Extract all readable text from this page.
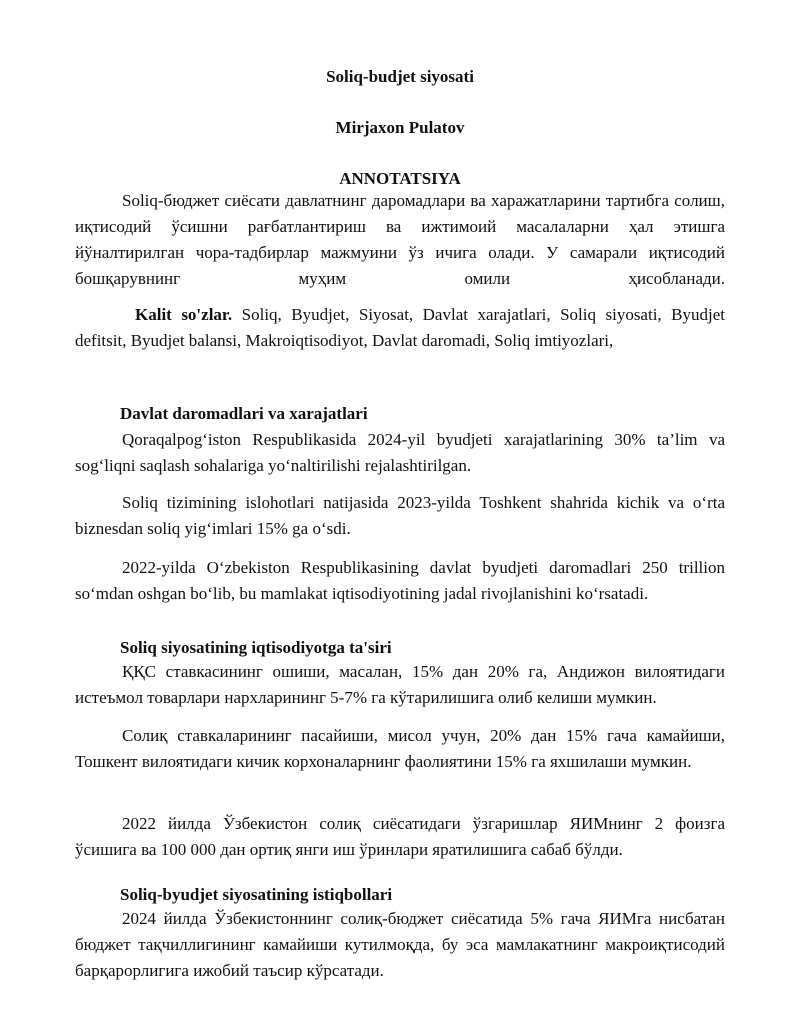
Soliq-budjet siyosati
Mirjaxon Pulatov
ANNOTATSIYA
Soliq-бюджет сиёсати давлатнинг даромадлари ва харажатларини тартибга солиш, иқтисодий ўсишни рағбатлантириш ва ижтимоий масалаларни ҳал этишга йўналтирилган чора-тадбирлар мажмуини ўз ичига олади. У самарали иқтисодий бошқарувнинг муҳим омили ҳисобланади.
Kalit so'zlar. Soliq, Byudjet, Siyosat, Davlat xarajatlari, Soliq siyosati, Byudjet defitsit, Byudjet balansi, Makroiqtisodiyot, Davlat daromadi, Soliq imtiyozlari,
Davlat daromadlari va xarajatlari
Qoraqalpog‘iston Respublikasida 2024-yil byudjeti xarajatlarining 30% ta’lim va sog‘liqni saqlash sohalariga yo‘naltirilishi rejalashtirilgan.
Soliq tizimining islohotlari natijasida 2023-yilda Toshkent shahrida kichik va o‘rta biznesdan soliq yig‘imlari 15% ga o‘sdi.
2022-yilda O‘zbekiston Respublikasining davlat byudjeti daromadlari 250 trillion so‘mdan oshgan bo‘lib, bu mamlakat iqtisodiyotining jadal rivojlanishini ko‘rsatadi.
Soliq siyosatining iqtisodiyotga ta'siri
ҚҚС ставкасининг ошиши, масалан, 15% дан 20% га, Андижон вилоятидаги истеъмол товарлари нархларининг 5-7% га кўтарилишига олиб келиши мумкин.
Солиқ ставкаларининг пасайиши, мисол учун, 20% дан 15% гача камайиши, Тошкент вилоятидаги кичик корхоналарнинг фаолиятини 15% га яхшилаши мумкин.
2022 йилда Ўзбекистон солиқ сиёсатидаги ўзгаришлар ЯИМнинг 2 фоизга ўсишига ва 100 000 дан ортиқ янги иш ўринлари яратилишига сабаб бўлди.
Soliq-byudjet siyosatining istiqbollari
2024 йилда Ўзбекистоннинг солиқ-бюджет сиёсатида 5% гача ЯИМга нисбатан бюджет тақчиллигининг камайиши кутилмоқда, бу эса мамлакатнинг макроиқтисодий барқарорлигига ижобий таъсир кўрсатади.
